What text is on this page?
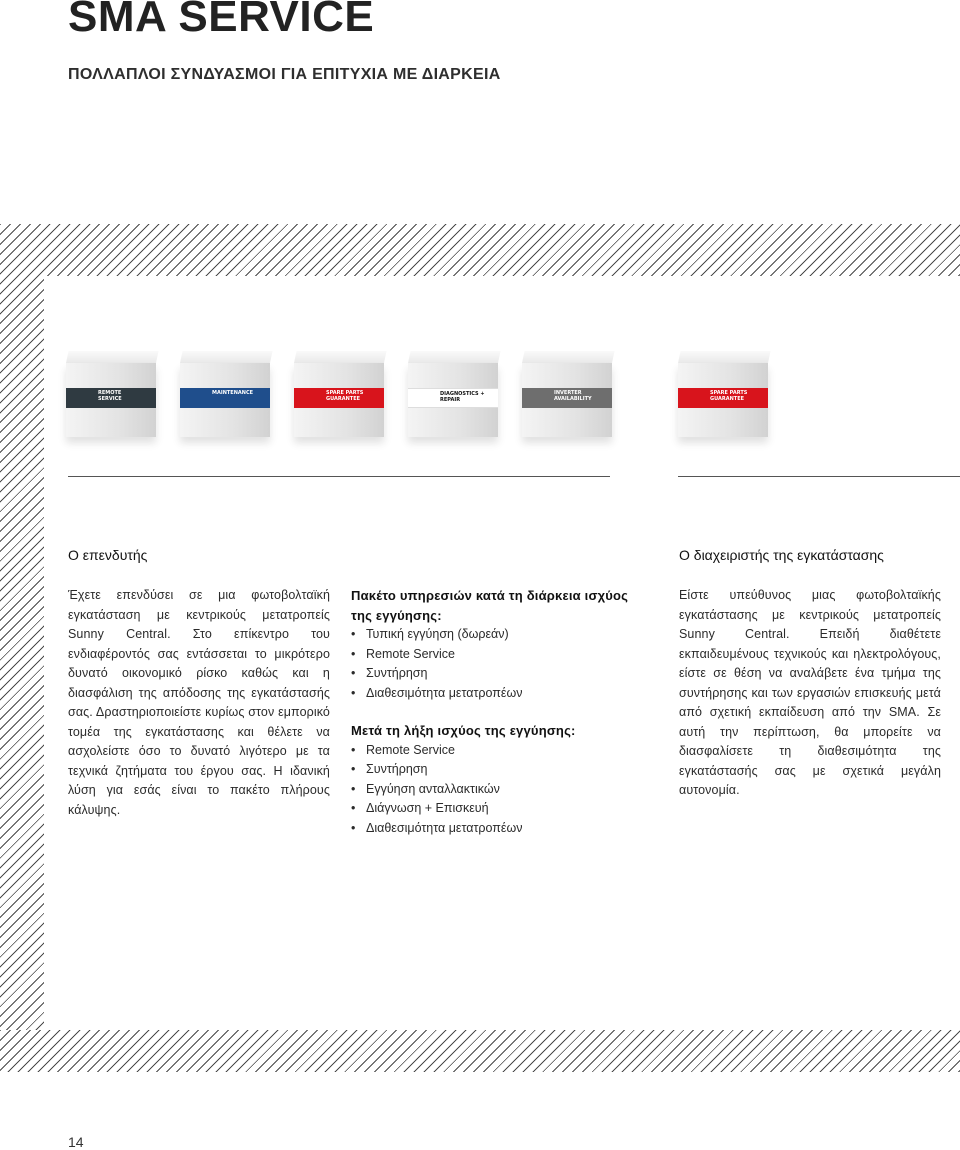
SMA SERVICE
ΠΟΛΛΑΠΛΟΙ ΣΥΝΔΥΑΣΜΟΙ ΓΙΑ ΕΠΙΤΥΧΙΑ ΜΕ ΔΙΑΡΚΕΙΑ
REMOTE
SERVICE
MAINTENANCE	SPARE PARTS
GUARANTEE
DIAGNOSTICS +
REPAIR
INVERTER
AVAILABILITY
SPARE PARTS
GUARANTEE
Ο επενδυτής

Έχετε επενδύσει σε μια φωτοβολταϊκή εγκατάσταση με κεντρικούς μετατροπείς Sunny Central. Στο επίκεντρο του ενδιαφέροντός σας εντάσσεται το μικρότερο δυνατό οικονομικό ρίσκο καθώς και η διασφάλιση της απόδοσης της εγκατάστασής σας. Δραστηριοποιείστε κυρίως στον εμπορικό τομέα της εγκατάστασης και θέλετε να ασχολείστε όσο το δυνατό λιγότερο με τα τεχνικά ζητήματα του έργου σας. Η ιδανική λύση για εσάς είναι το πακέτο πλήρους κάλυψης.

Πακέτο υπηρεσιών κατά τη διάρκεια ισχύος της εγγύησης:
• Τυπική εγγύηση (δωρεάν)
• Remote Service
• Συντήρηση
• Διαθεσιμότητα μετατροπέων
Μετά τη λήξη ισχύος της εγγύησης:
• Remote Service
• Συντήρηση
• Εγγύηση ανταλλακτικών
• Διάγνωση + Επισκευή
• Διαθεσιμότητα μετατροπέων
Ο διαχειριστής της εγκατάστασης

Είστε υπεύθυνος μιας φωτοβολταϊκής εγκατάστασης με κεντρικούς μετατροπείς Sunny Central. Επειδή διαθέτετε εκπαιδευμένους τεχνικούς και ηλεκτρολόγους, είστε σε θέση να αναλάβετε ένα τμήμα της συντήρησης και των εργασιών επισκευής μετά από σχετική εκπαίδευση από την SMA. Σε αυτή την περίπτωση, θα μπορείτε να διασφαλίσετε τη διαθεσιμότητα της εγκατάστασής σας με σχετικά μεγάλη αυτονομία.

14
